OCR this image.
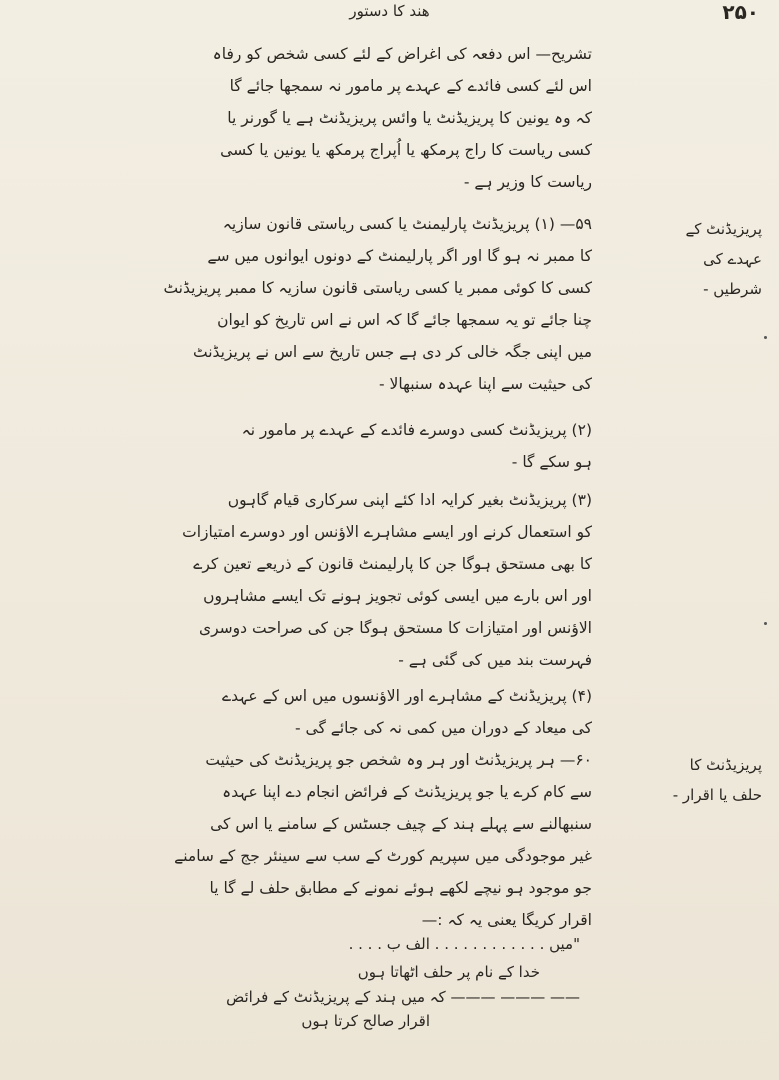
هند کا دستور	۲۵۰

تشریح— اس دفعہ کی اغراض کے لئے کسی شخص کو رفاہ

اس لئے کسی فائدے کے عہدے پر مامور نہ سمجھا جائے گا

کہ وہ یونین کا پریزیڈنٹ یا وائس پریزیڈنٹ ہے یا گورنر یا

کسی ریاست کا راج پرمکھ یا اُپراج پرمکھ یا یونین یا کسی

ریاست کا وزیر ہے -

پریزیڈنٹ کے
عہدے کی
شرطیں -

۵۹— (۱) پریزیڈنٹ پارلیمنٹ یا کسی ریاستی قانون سازیہ

کا ممبر نہ ہو گا اور اگر پارلیمنٹ کے دونوں ایوانوں میں سے

کسی کا کوئی ممبر یا کسی ریاستی قانون سازیہ کا ممبر پریزیڈنٹ

چنا جائے تو یہ سمجھا جائے گا کہ اس نے اس تاریخ کو ایوان

میں اپنی جگہ خالی کر دی ہے جس تاریخ سے اس نے پریزیڈنٹ

کی حیثیت سے اپنا عہدہ سنبھالا -

(۲) پریزیڈنٹ کسی دوسرے فائدے کے عہدے پر مامور نہ

ہو سکے گا -

(۳) پریزیڈنٹ بغیر کرایہ ادا کئے اپنی سرکاری قیام گاہوں

کو استعمال کرنے اور ایسے مشاہرے الاؤنس اور دوسرے امتیازات

کا بھی مستحق ہوگا جن کا پارلیمنٹ قانون کے ذریعے تعین کرے

اور اس بارے میں ایسی کوئی تجویز ہونے تک ایسے مشاہروں

الاؤنس اور امتیازات کا مستحق ہوگا جن کی صراحت دوسری

فہرست بند میں کی گئی ہے -

(۴) پریزیڈنٹ کے مشاہرے اور الاؤنسوں میں اس کے عہدے

کی میعاد کے دوران میں کمی نہ کی جائے گی -

پریزیڈنٹ کا
حلف یا اقرار -

۶۰— ہر پریزیڈنٹ اور ہر وہ شخص جو پریزیڈنٹ کی حیثیت

سے کام کرے یا جو پریزیڈنٹ کے فرائض انجام دے اپنا عہدہ

سنبھالنے سے پہلے ہند کے چیف جسٹس کے سامنے یا اس کی

غیر موجودگی میں سپریم کورٹ کے سب سے سینئر جج کے سامنے

جو موجود ہو نیچے لکھے ہوئے نمونے کے مطابق حلف لے گا یا

اقرار کریگا یعنی یہ کہ :—

"میں . . . . . . . . . . . . الف ب . . . .
خدا کے نام پر حلف اٹھاتا ہوں
—— ——— ——— کہ میں ہند کے پریزیڈنٹ کے فرائض
اقرار صالح کرتا ہوں
